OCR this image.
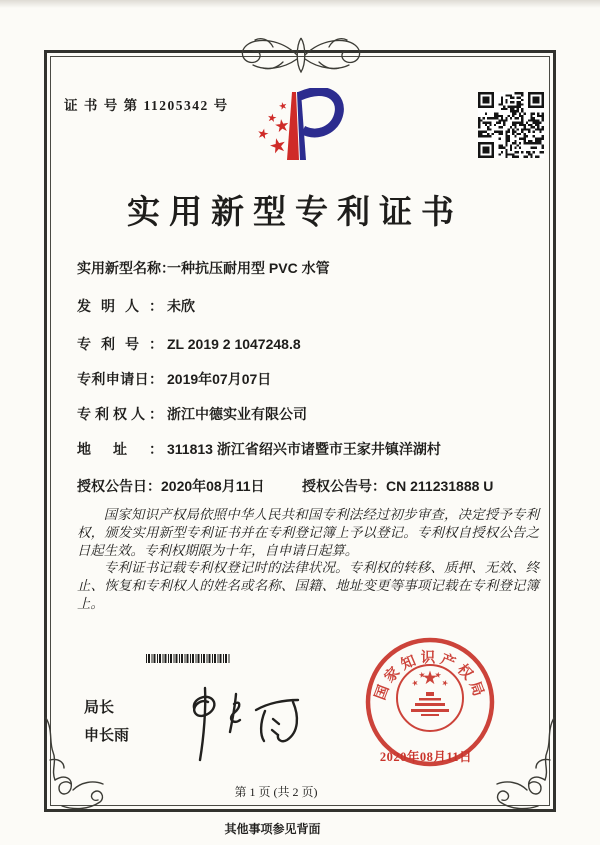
证 书 号 第 11205342 号
实用新型专利证书
实用新型名称：一种抗压耐用型 PVC 水管
发明人： 未欣
专利号： ZL 2019 2 1047248.8
专利申请日： 2019年07月07日
专利权人： 浙江中德实业有限公司
地址： 311813 浙江省绍兴市诸暨市王家井镇洋湖村
授权公告日：2020年08月11日	授权公告号：CN 211231888 U

国家知识产权局依照中华人民共和国专利法经过初步审查，决定授予专利权，颁发实用新型专利证书并在专利登记簿上予以登记。专利权自授权公告之日起生效。专利权期限为十年，自申请日起算。

专利证书记载专利权登记时的法律状况。专利权的转移、质押、无效、终止、恢复和专利权人的姓名或名称、国籍、地址变更等事项记载在专利登记簿上。

局长
申长雨
国家知识产权局
2020年08月11日
第 1 页 (共 2 页)
其他事项参见背面
